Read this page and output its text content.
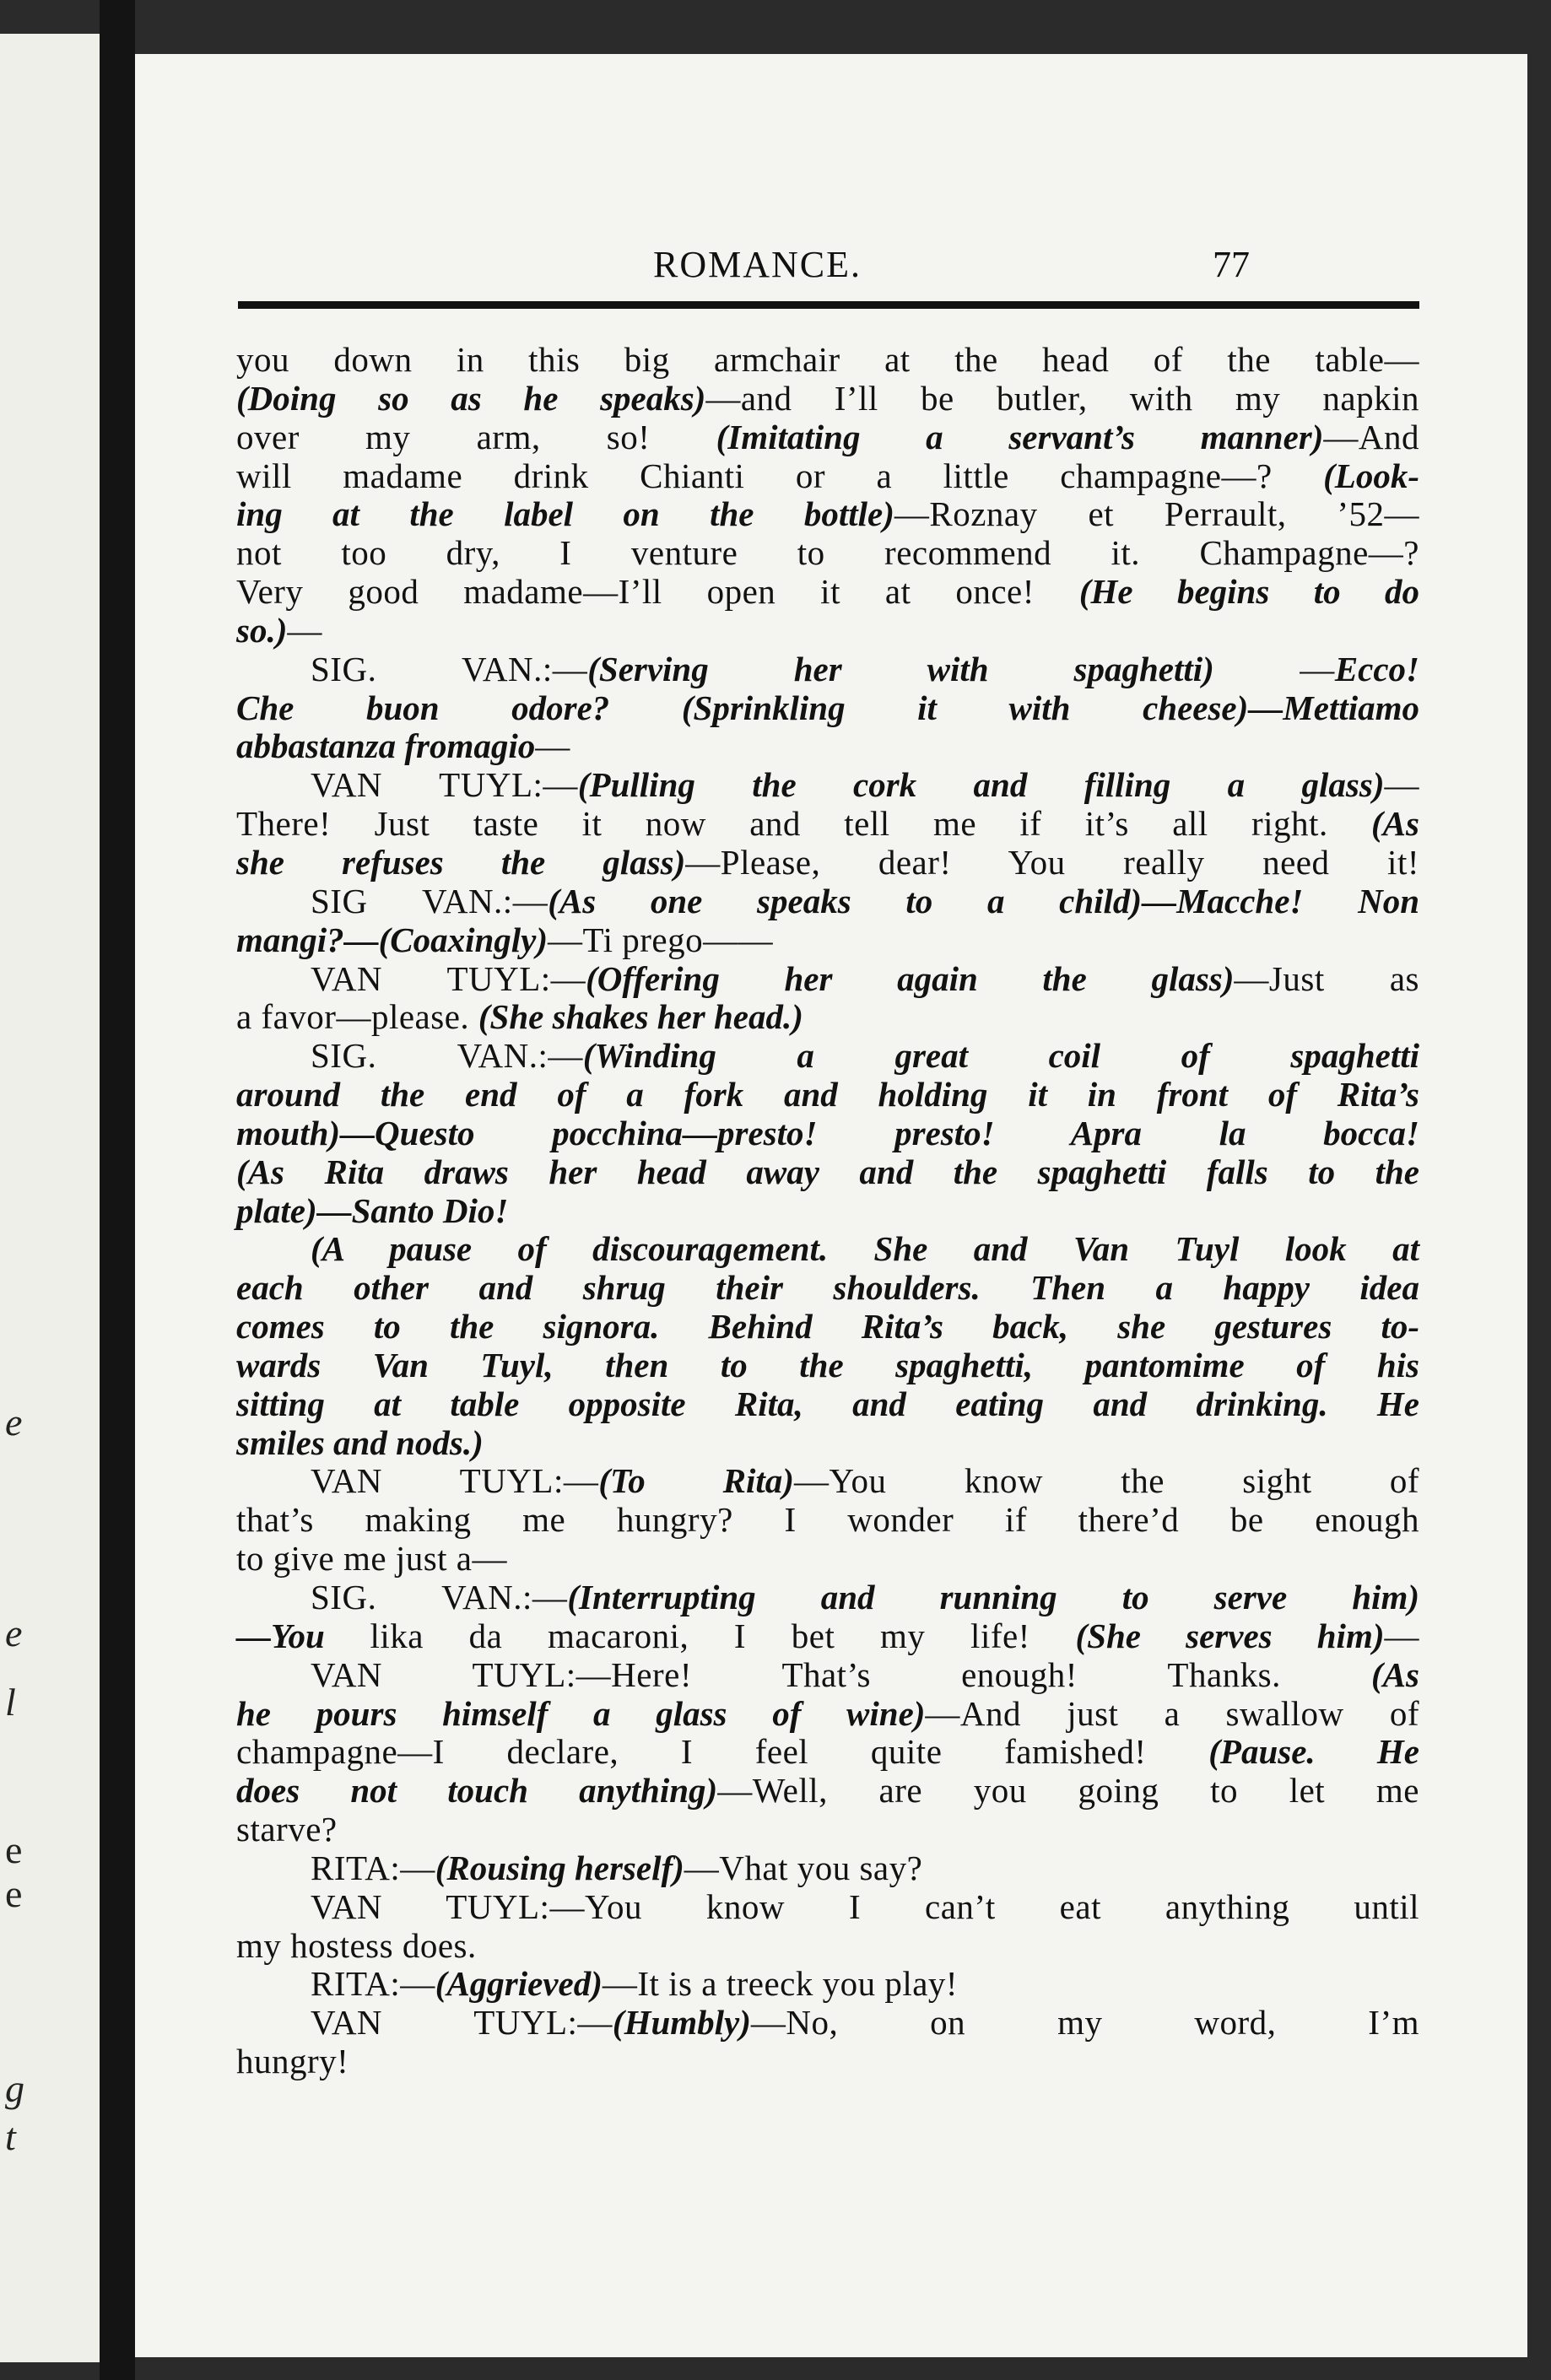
e
e
l
e
e
g
t
ROMANCE.	77
you down in this big armchair at the head of the table—
(Doing so as he speaks)—and I’ll be butler, with my napkin
over my arm, so! (Imitating a servant’s manner)—And
will madame drink Chianti or a little champagne—? (Look-
ing at the label on the bottle)—Roznay et Perrault, ’52—
not too dry, I venture to recommend it. Champagne—?
Very good madame—I’ll open it at once! (He begins to do
so.)—
SIG. VAN.:—(Serving her with spaghetti) —Ecco!
Che buon odore? (Sprinkling it with cheese)—Mettiamo
abbastanza fromagio—
VAN TUYL:—(Pulling the cork and filling a glass)—
There! Just taste it now and tell me if it’s all right. (As
she refuses the glass)—Please, dear! You really need it!
SIG VAN.:—(As one speaks to a child)—Macche! Non
mangi?—(Coaxingly)—Ti prego——
VAN TUYL:—(Offering her again the glass)—Just as
a favor—please. (She shakes her head.)
SIG. VAN.:—(Winding a great coil of spaghetti
around the end of a fork and holding it in front of Rita’s
mouth)—Questo pocchina—presto! presto! Apra la bocca!
(As Rita draws her head away and the spaghetti falls to the
plate)—Santo Dio!
(A pause of discouragement. She and Van Tuyl look at
each other and shrug their shoulders. Then a happy idea
comes to the signora. Behind Rita’s back, she gestures to-
wards Van Tuyl, then to the spaghetti, pantomime of his
sitting at table opposite Rita, and eating and drinking. He
smiles and nods.)
VAN TUYL:—(To Rita)—You know the sight of
that’s making me hungry? I wonder if there’d be enough
to give me just a—
SIG. VAN.:—(Interrupting and running to serve him)
—You lika da macaroni, I bet my life! (She serves him)—
VAN TUYL:—Here! That’s enough! Thanks. (As
he pours himself a glass of wine)—And just a swallow of
champagne—I declare, I feel quite famished! (Pause. He
does not touch anything)—Well, are you going to let me
starve?
RITA:—(Rousing herself)—Vhat you say?
VAN TUYL:—You know I can’t eat anything until
my hostess does.
RITA:—(Aggrieved)—It is a treeck you play!
VAN TUYL:—(Humbly)—No, on my word, I’m
hungry!
